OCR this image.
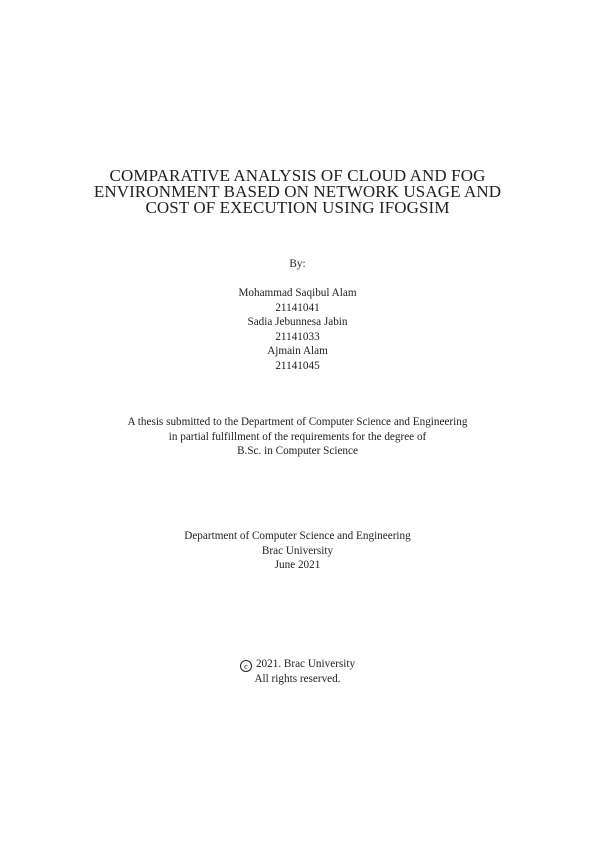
COMPARATIVE ANALYSIS OF CLOUD AND FOG
ENVIRONMENT BASED ON NETWORK USAGE AND
COST OF EXECUTION USING IFOGSIM
By:
Mohammad Saqibul Alam
21141041
Sadia Jebunnesa Jabin
21141033
Ajmain Alam
21141045
A thesis submitted to the Department of Computer Science and Engineering
in partial fulfillment of the requirements for the degree of
B.Sc. in Computer Science
Department of Computer Science and Engineering
Brac University
June 2021
c 2021. Brac University
All rights reserved.
